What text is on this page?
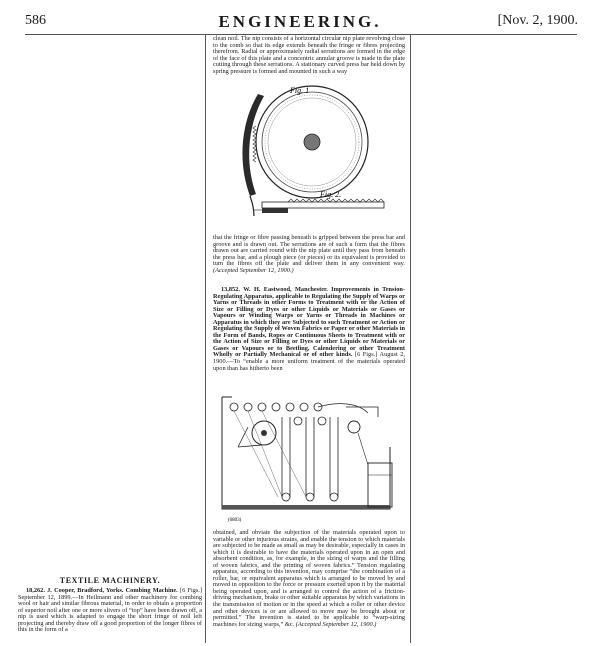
586	ENGINEERING.	[Nov. 2, 1900.
TEXTILE MACHINERY.

18,262. J. Cooper, Bradford, Yorks. Combing Machine. [6 Figs.] September 12, 1899.—In Heilmann and other machinery for combing wool or hair and similar fibrous material, in order to obtain a proportion of superior noil after one or more slivers of “top” have been drawn off, a nip is used which is adapted to engage the short fringe of noil left projecting and thereby draw off a good proportion of the longer fibres of this in the form of a

clean noil. The nip consists of a horizontal circular nip plate revolving close to the comb so that its edge extends beneath the fringe or fibres projecting therefrom. Radial or approximately radial serrations are formed in the edge of the face of this plate and a concentric annular groove is made in the plate cutting through these serrations. A stationary curved press bar held down by spring pressure is formed and mounted in such a way

Fig. 1
Fig. 2.

that the fringe or fibre passing beneath is gripped between the press bar and groove and is drawn out. The serrations are of such a form that the fibres drawn out are carried round with the nip plate until they pass from beneath the press bar, and a plough piece (or pieces) or its equivalent is provided to turn the fibres off the plate and deliver them in any convenient way. (Accepted September 12, 1900.)

13,852. W. H. Eastwood, Manchester. Improvements in Tension-Regulating Apparatus, applicable to Regulating the Supply of Warps or Yarns or Threads in other Forms to Treatment with or the Action of Size or Filling or Dyes or other Liquids or Materials or Gases or Vapours or Winding Warps or Yarns or Threads in Machines or Apparatus in which they are Subjected to such Treatment or Action or Regulating the Supply of Woven Fabrics or Paper or other Materials in the Form of Bands, Ropes or Continuous Sheets to Treatment with or the Action of Size or Filling or Dyes or other Liquids or Materials or Gases or Vapours or to Beetling, Calendering or other Treatment Wholly or Partially Mechanical or of other kinds. [6 Figs.] August 2, 1900.—To “enable a more uniform treatment of the materials operated upon than has hitherto been

(6803)

obtained, and obviate the subjection of the materials operated upon to variable or other injurious strains, and enable the tension to which materials are subjected to be made as small as may be desirable, especially in cases in which it is desirable to have the materials operated upon in an open and absorbent condition, as, for example, in the sizing of warps and the filling of woven fabrics, and the printing of woven fabrics.” Tension regulating apparatus, according to this invention, may comprise “the combination of a roller, bar, or equivalent apparatus which is arranged to be moved by and moved in opposition to the force or pressure exerted upon it by the material being operated upon, and is arranged to control the action of a friction-driving mechanism, brake or other suitable apparatus by which variations in the transmission of motion or in the speed at which a roller or other device and other devices is or are allowed to move may be brought about or permitted.” The invention is stated to be applicable to “warp-sizing machines for sizing warps,” &c. (Accepted September 12, 1900.)
